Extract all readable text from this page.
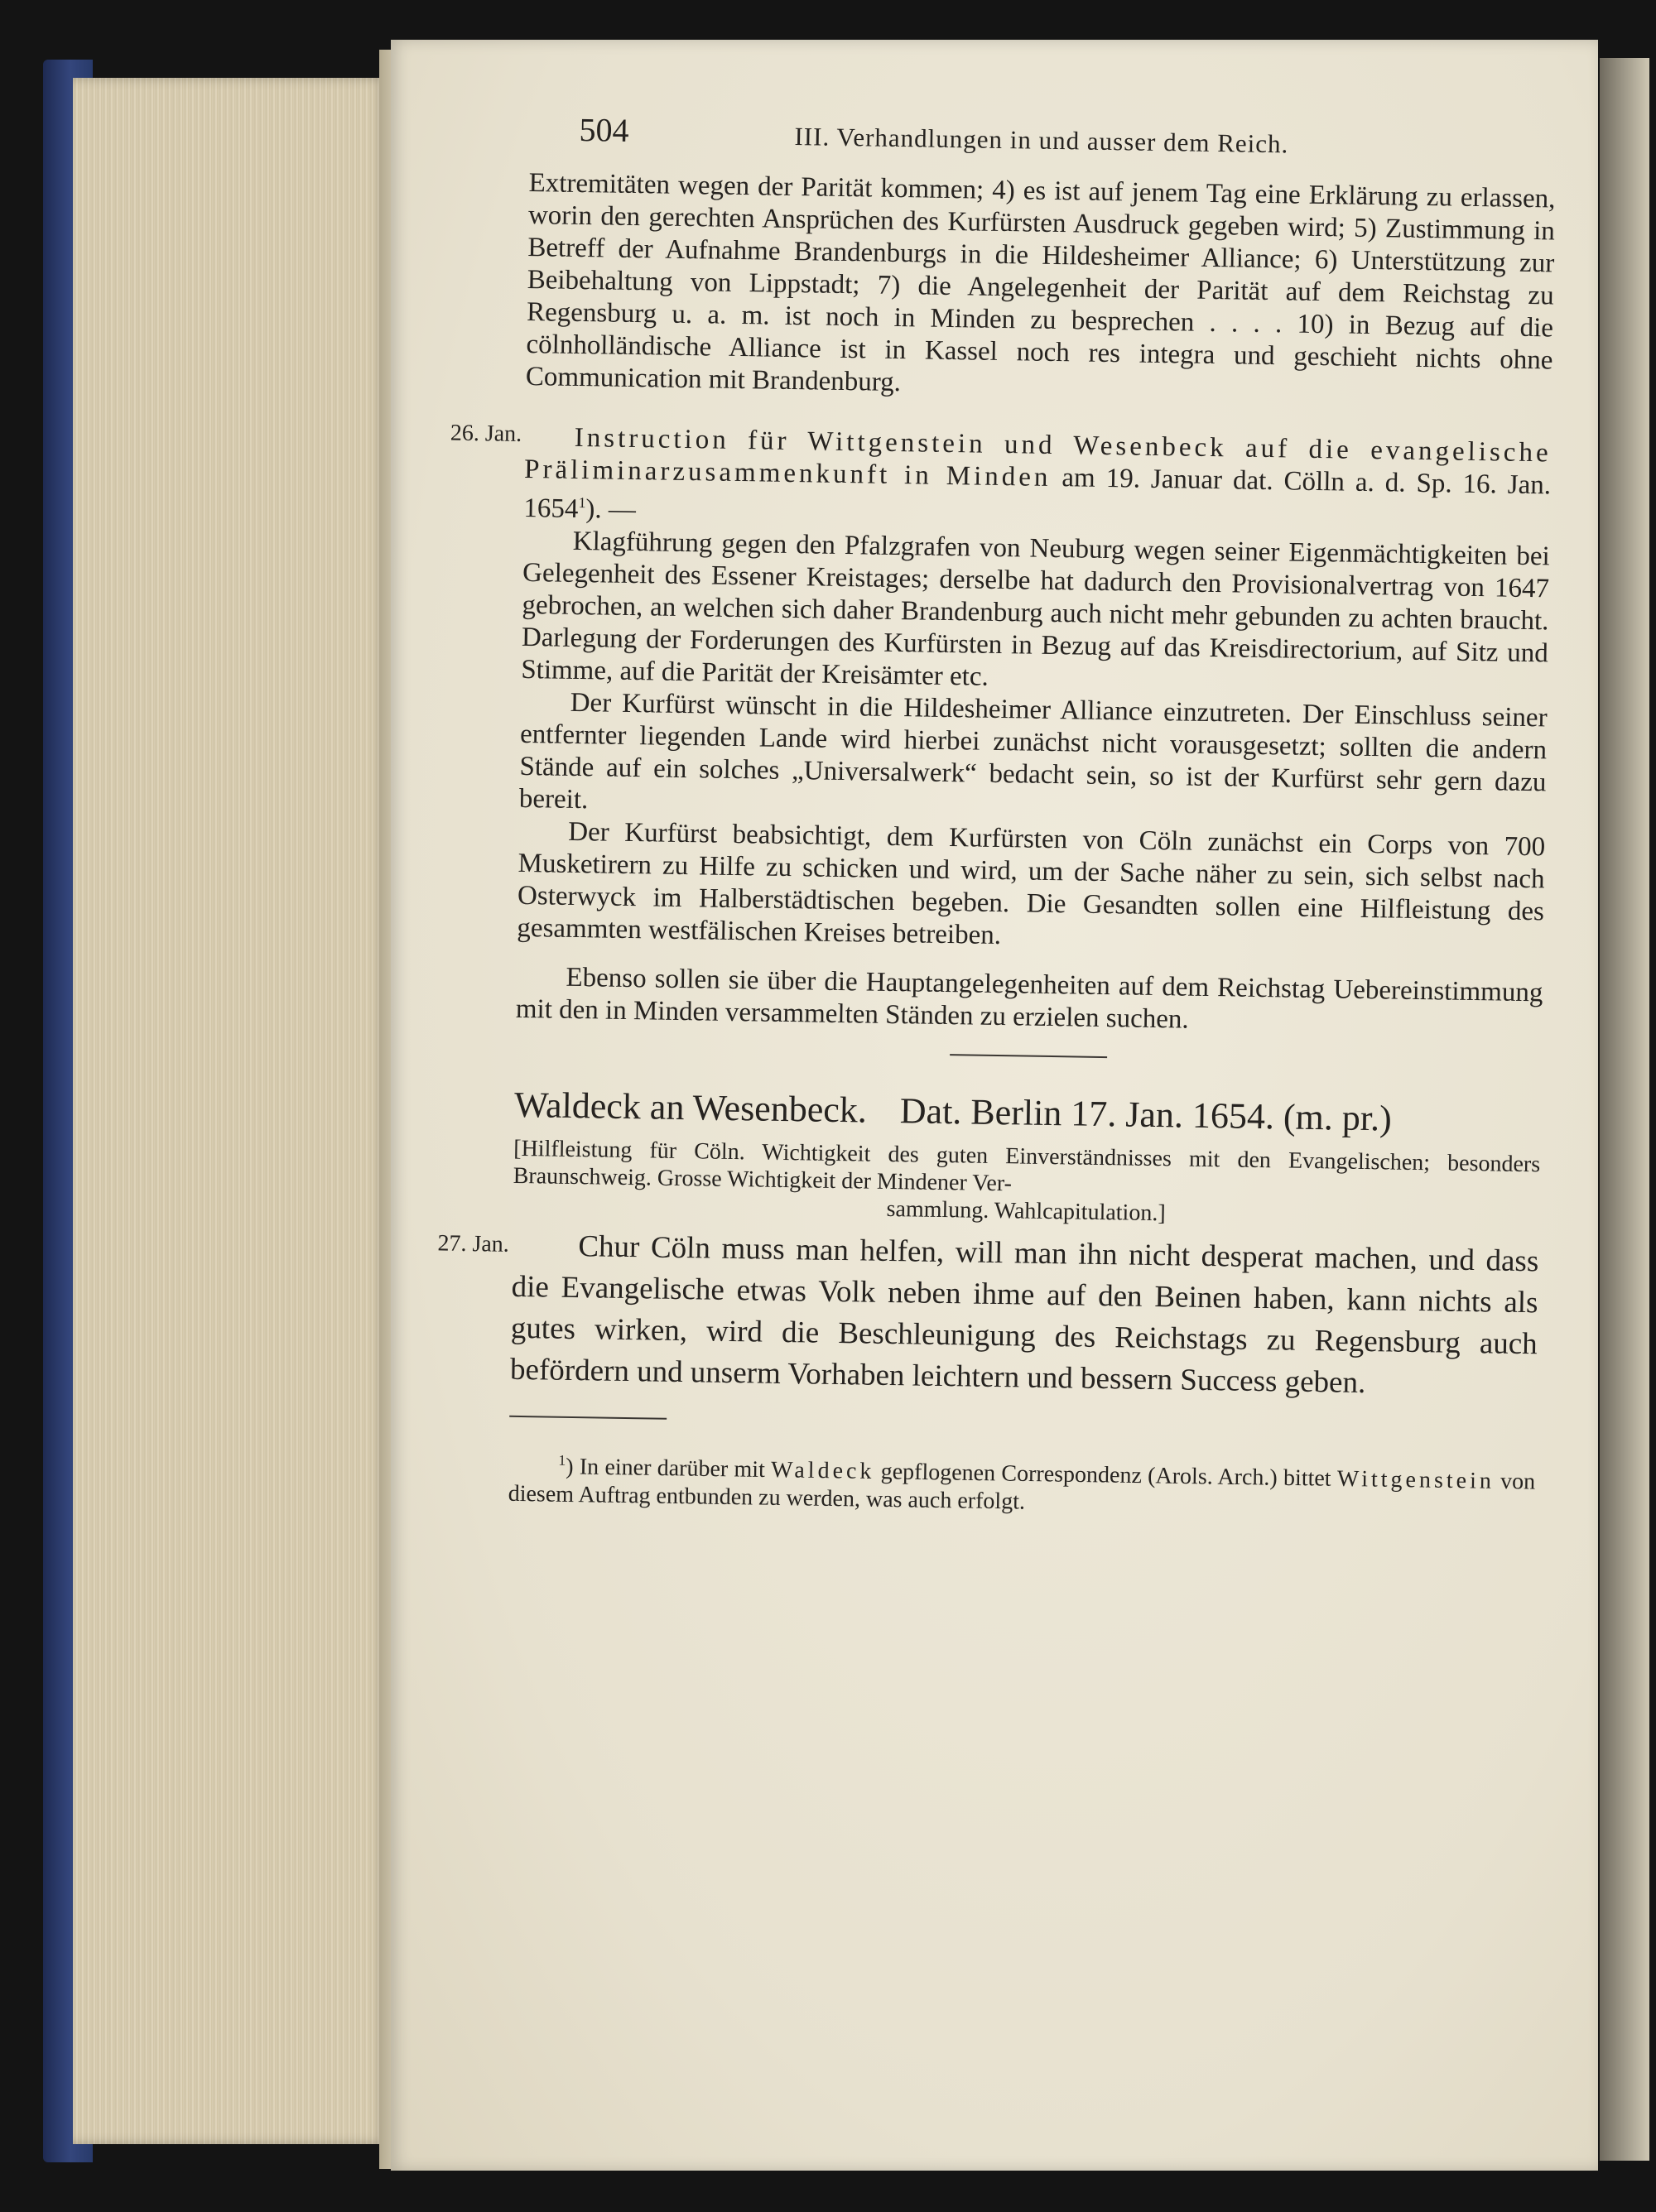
504	III. Verhandlungen in und ausser dem Reich.

Extremitäten wegen der Parität kommen; 4) es ist auf jenem Tag eine Erklärung zu erlassen, worin den gerechten Ansprüchen des Kurfürsten Ausdruck gegeben wird; 5) Zustimmung in Betreff der Aufnahme Brandenburgs in die Hildesheimer Alliance; 6) Unterstützung zur Beibehaltung von Lippstadt; 7) die Angelegenheit der Parität auf dem Reichstag zu Regensburg u. a. m. ist noch in Minden zu besprechen . . . . 10) in Bezug auf die cölnholländische Alliance ist in Kassel noch res integra und geschieht nichts ohne Communication mit Brandenburg.

26. Jan.	Instruction für Wittgenstein und Wesenbeck auf die evangelische Präliminarzusammenkunft in Minden am 19. Januar dat. Cölln a. d. Sp. 16. Jan. 1654$^1$). —

Klagführung gegen den Pfalzgrafen von Neuburg wegen seiner Eigenmächtigkeiten bei Gelegenheit des Essener Kreistages; derselbe hat dadurch den Provisionalvertrag von 1647 gebrochen, an welchen sich daher Brandenburg auch nicht mehr gebunden zu achten braucht. Darlegung der Forderungen des Kurfürsten in Bezug auf das Kreisdirectorium, auf Sitz und Stimme, auf die Parität der Kreisämter etc.

Der Kurfürst wünscht in die Hildesheimer Alliance einzutreten. Der Einschluss seiner entfernter liegenden Lande wird hierbei zunächst nicht vorausgesetzt; sollten die andern Stände auf ein solches „Universalwerk“ bedacht sein, so ist der Kurfürst sehr gern dazu bereit.

Der Kurfürst beabsichtigt, dem Kurfürsten von Cöln zunächst ein Corps von 700 Musketirern zu Hilfe zu schicken und wird, um der Sache näher zu sein, sich selbst nach Osterwyck im Halberstädtischen begeben. Die Gesandten sollen eine Hilfleistung des gesammten westfälischen Kreises betreiben.

Ebenso sollen sie über die Hauptangelegenheiten auf dem Reichstag Uebereinstimmung mit den in Minden versammelten Ständen zu erzielen suchen.

Waldeck an Wesenbeck. Dat. Berlin 17. Jan. 1654. (m. pr.)

[Hilfleistung für Cöln. Wichtigkeit des guten Einverständnisses mit den Evangelischen; besonders Braunschweig. Grosse Wichtigkeit der Mindener Ver-
sammlung. Wahlcapitulation.]

27. Jan.	Chur Cöln muss man helfen, will man ihn nicht desperat machen, und dass die Evangelische etwas Volk neben ihme auf den Beinen haben, kann nichts als gutes wirken, wird die Beschleunigung des Reichstags zu Regensburg auch befördern und unserm Vorhaben leichtern und bessern Success geben.

$^1$) In einer darüber mit Waldeck gepflogenen Correspondenz (Arols. Arch.) bittet Wittgenstein von diesem Auftrag entbunden zu werden, was auch erfolgt.
